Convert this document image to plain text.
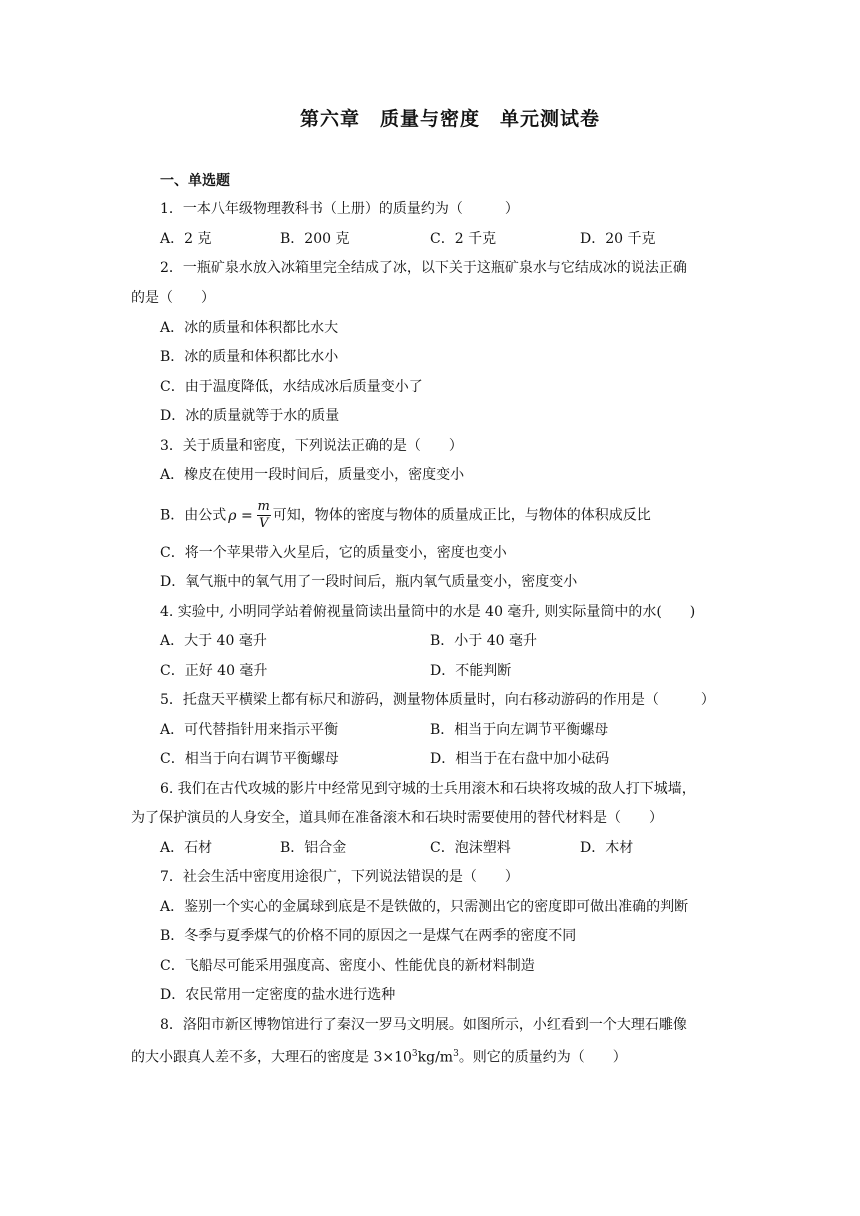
第六章　质量与密度　单元测试卷
一、单选题
1．一本八年级物理教科书（上册）的质量约为（　　　）
A．2 克	B．200 克	C．2 千克	D．20 千克
2．一瓶矿泉水放入冰箱里完全结成了冰，以下关于这瓶矿泉水与它结成冰的说法正确
的是（　　）
A．冰的质量和体积都比水大
B．冰的质量和体积都比水小
C．由于温度降低，水结成冰后质量变小了
D．冰的质量就等于水的质量
3．关于质量和密度，下列说法正确的是（　　）
A．橡皮在使用一段时间后，质量变小，密度变小
B．由公式 $\rho = \frac{m}{V}$ 可知，物体的密度与物体的质量成正比，与物体的体积成反比
C．将一个苹果带入火星后，它的质量变小，密度也变小
D．氧气瓶中的氧气用了一段时间后，瓶内氧气质量变小，密度变小
4. 实验中, 小明同学站着俯视量筒读出量筒中的水是 40 毫升, 则实际量筒中的水(　　)
A．大于 40 毫升	B．小于 40 毫升
C．正好 40 毫升	D．不能判断
5．托盘天平横梁上都有标尺和游码，测量物体质量时，向右移动游码的作用是（　　　）
A．可代替指针用来指示平衡	B．相当于向左调节平衡螺母
C．相当于向右调节平衡螺母	D．相当于在右盘中加小砝码
6. 我们在古代攻城的影片中经常见到守城的士兵用滚木和石块将攻城的敌人打下城墙，
为了保护演员的人身安全，道具师在准备滚木和石块时需要使用的替代材料是（　　）
A．石材	B．铝合金	C．泡沫塑料	D．木材
7．社会生活中密度用途很广，下列说法错误的是（　　）
A．鉴别一个实心的金属球到底是不是铁做的，只需测出它的密度即可做出准确的判断
B．冬季与夏季煤气的价格不同的原因之一是煤气在两季的密度不同
C．飞船尽可能采用强度高、密度小、性能优良的新材料制造
D．农民常用一定密度的盐水进行选种
8．洛阳市新区博物馆进行了秦汉一罗马文明展。如图所示，小红看到一个大理石雕像
的大小跟真人差不多，大理石的密度是 $3\times 10^3kg/m^3$。则它的质量约为（　　）
